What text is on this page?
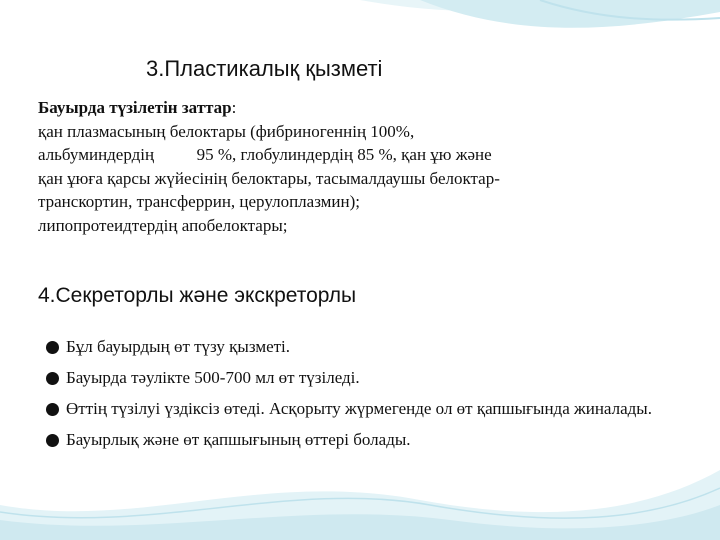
3.Пластикалық қызметі
Бауырда түзілетін заттар:
қан плазмасының белоктары (фибриногеннің 100%,
альбуминдердің          95 %, глобулиндердің 85 %, қан ұю және
қан ұюға қарсы жүйесінің белоктары, тасымалдаушы белоктар-
транскортин, трансферрин, церулоплазмин);
липопротеидтердің апобелоктары;
4.Секреторлы және экскреторлы
Бұл бауырдың өт түзу қызметі.
Бауырда тәулікте 500-700 мл өт түзіледі.
Өттің түзілуі үздіксіз өтеді. Асқорыту жүрмегенде ол өт қапшығында жиналады.
Бауырлық және өт қапшығының өттері болады.
